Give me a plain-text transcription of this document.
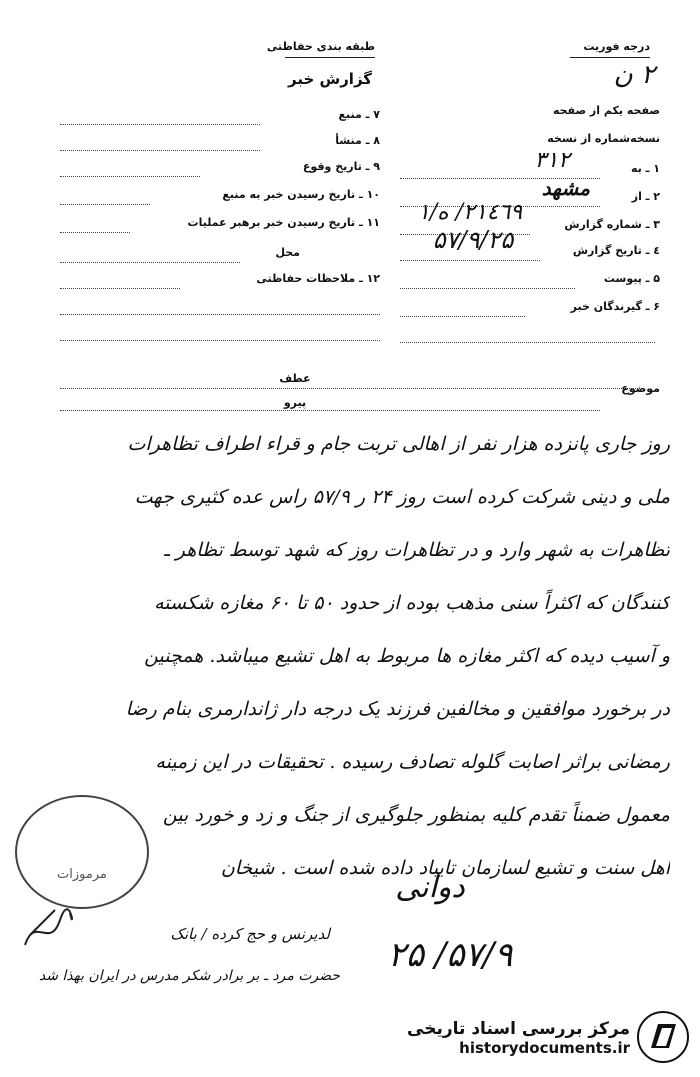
طبقه بندی حفاظتی
گزارش خبر
درجه فوریت
۲ ن
صفحه یکم از صفحه
نسخه‌شماره از نسخه
۱ ـ به
۳۱۲
۲ ـ از
مشهد
۳ ـ شماره گزارش
۲۱٤٦۹/ ه/۱
٤ ـ تاریخ گزارش
۵۷/۹/۲۵
۵ ـ پیوست
۶ ـ گیرندگان خبر
۷ ـ منبع
۸ ـ منشأ
۹ ـ تاریخ وقوع
۱۰ ـ تاریخ رسیدن خبر به منبع
۱۱ ـ تاریخ رسیدن خبر برهبر عملیات
محل
۱۲ ـ ملاحظات حفاظتی
عطف
پیرو
موضوع
روز جاری پانزده هزار نفر از اهالی تربت جام و قراء اطراف تظاهرات
ملی و دینی شرکت کرده است روز ۲۴ ر ۵۷/۹ راس عده کثیری جهت
تظاهرات به شهر وارد و در تظاهرات روز که شهد توسط تظاهر ـ
کنندگان که اکثراً سنی مذهب بوده از حدود ۵۰ تا ۶۰ مغازه شکسته
و آسیب دیده که اکثر مغازه ها مربوط به اهل تشیع میباشد. همچنین
در برخورد موافقین و مخالفین فرزند یک درجه دار ژاندارمری بنام رضا
رمضانی براثر اصابت گلوله تصادف رسیده . تحقیقات در این زمینه
معمول ضمناً تقدم کلیه بمنظور جلوگیری از جنگ و زد و خورد بین
اهل سنت و تشیع لسازمان تایباد داده شده است . شیخان
مرموزات	دوانی
۵۷/۹/ ۲۵
لدیرنس و حج کرده / بانک
حضرت مرد ـ بر برادر شکر مدرس در ایران بهذا شد
مرکز بررسی اسناد تاریخی
historydocuments.ir
